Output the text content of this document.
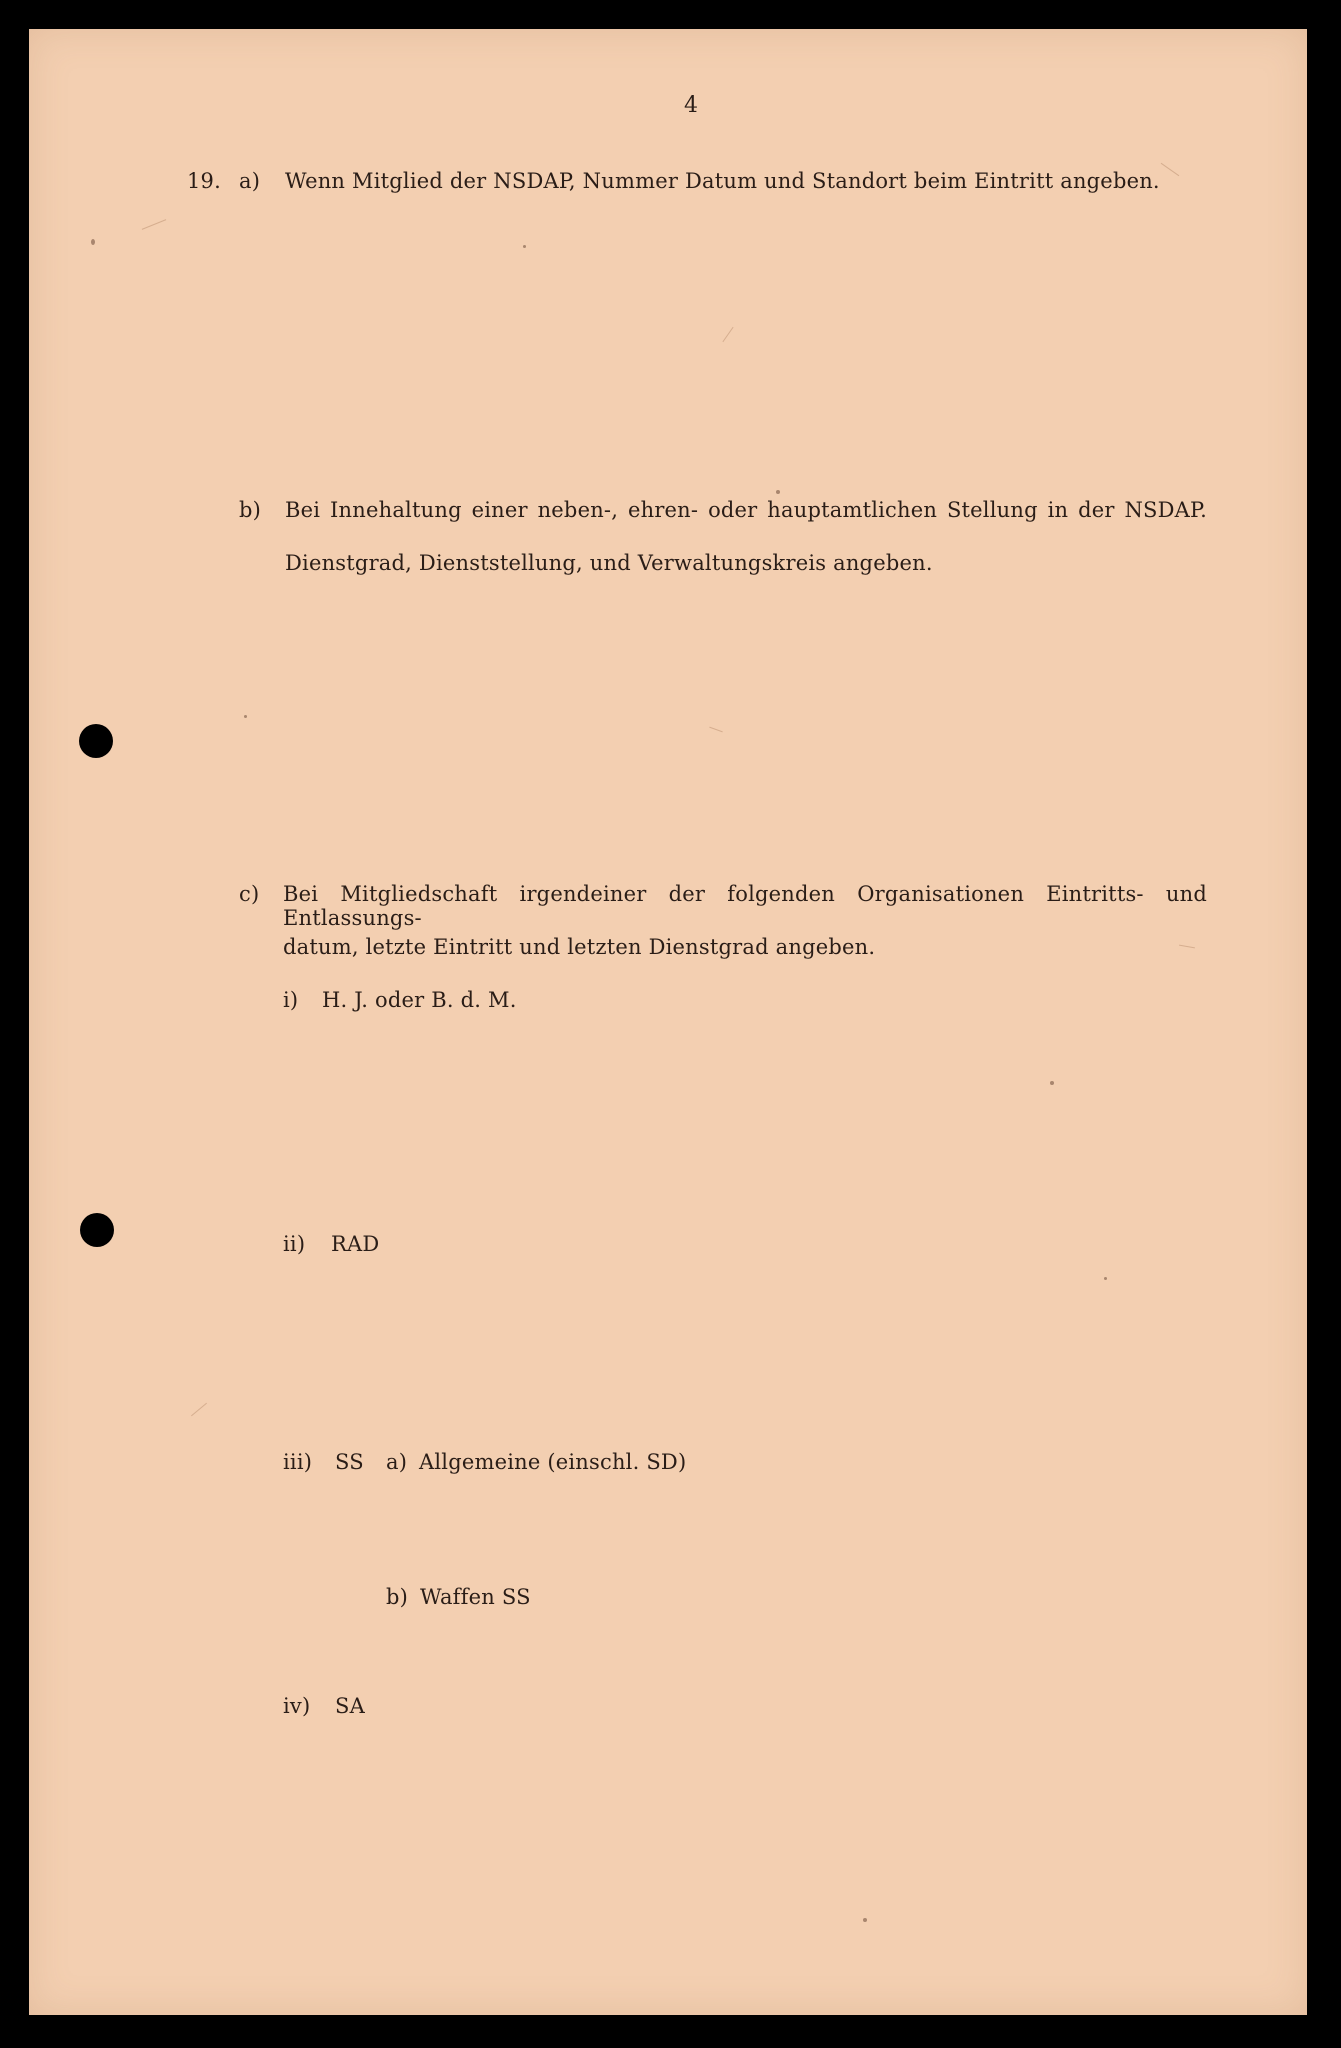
4
19. a) Wenn Mitglied der NSDAP, Nummer Datum und Standort beim Eintritt angeben.
b) Bei Innehaltung einer neben-, ehren- oder hauptamtlichen Stellung in der NSDAP.
Dienstgrad, Dienststellung, und Verwaltungskreis angeben.
c) Bei Mitgliedschaft irgendeiner der folgenden Organisationen Eintritts- und Entlassungs-
datum, letzte Eintritt und letzten Dienstgrad angeben.
i) H. J. oder B. d. M.
ii) RAD
iii) SS a) Allgemeine (einschl. SD)
b) Waffen SS
iv) SA
